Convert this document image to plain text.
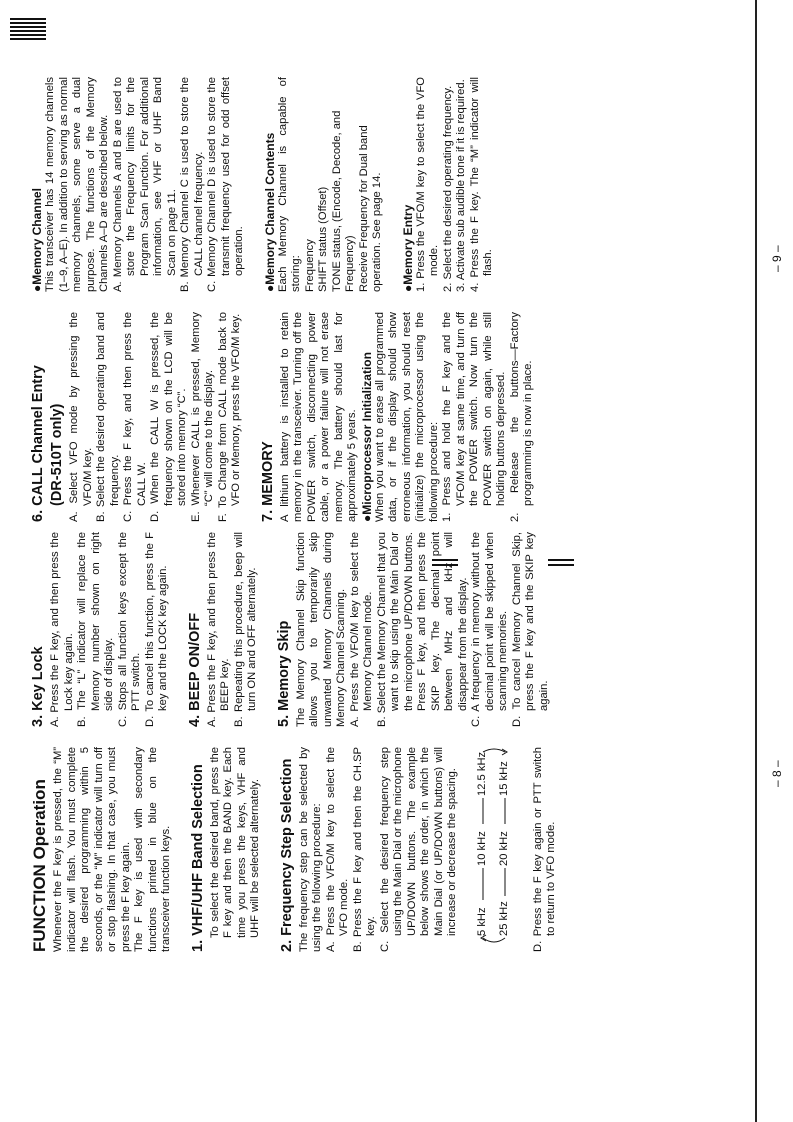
– 8 –
– 9 –
FUNCTION Operation Whenever the F key is pressed, the “M” indicator will flash. You must complete the desired programming within 5 seconds, or the “M” indicator will turn off or stop flashing. In that case, you must press the F key again. The F key is used with secondary functions printed in blue on the transceiver function keys. 1. VHF/UHF Band Selection To select the desired band, press the F key and then the BAND key. Each time you press the keys, VHF and UHF will be selected alternately. 2. Frequency Step Selection The frequency step can be selected by using the following procedure: A. Press the VFO/M key to select the VFO mode. B. Press the F key and then the CH.SP key. C. Select the desired frequency step using the Main Dial or the microphone UP/DOWN buttons. The example below shows the order, in which the Main Dial (or UP/DOWN buttons) will increase or decrease the spacing. 5 kHz
10 kHz
12.5 kHz
25 kHz
20 kHz
15 kHz D. Press the F key again or PTT switch to return to VFO mode.

3. Key Lock A. Press the F key, and then press the Lock key again. B. The “L” indicator will replace the Memory number shown on right side of display. C. Stops all function keys except the PTT switch. D. To cancel this function, press the F key and the LOCK key again. 4. BEEP ON/OFF A. Press the F key, and then press the BEEP key. B. Repeating this procedure, beep will turn ON and OFF alternately. 5. Memory Skip The Memory Channel Skip function allows you to temporarily skip unwanted Memory Channels during Memory Channel Scanning. A. Press the VFO/M key to select the Memory Channel mode. B. Select the Memory Channel that you want to skip using the Main Dial or the microphone UP/DOWN buttons. Press F key, and then press the SKIP key. The decimal point between MHz and kHz will disappear from the display. C. A frequency in memory without the decimal point will be skipped when scanning memories. D. To cancel Memory Channel Skip, press the F key and the SKIP key again.

6. CALL Channel Entry (DR-510T only) A. Select VFO mode by pressing the VFO/M key. B. Select the desired operating band and frequency. C. Press the F key, and then press the CALL W. D. When the CALL W is pressed, the frequency shown on the LCD will be stored into memory “C”. E. Whenever CALL is pressed, Memory “C” will come to the display. F. To Change from CALL mode back to VFO or Memory, press the VFO/M key. 7. MEMORY A lithium battery is installed to retain memory in the transceiver. Turning off the POWER switch, disconnecting power cable, or a power failure will not erase memory. The battery should last for approximately 5 years. ●Microprocessor Initialization When you want to erase all programmed data, or if the display should show erroneous information, you should reset (initialize) the microprocessor using the following procedure: 1. Press and hold the F key and the VFO/M key at same time, and turn off the POWER switch. Now turn the POWER switch on again, while still holding buttons depressed. 2. Release the buttons—Factory programming is now in place.

●Memory Channel This transceiver has 14 memory channels (1–9, A–E). In addition to serving as normal memory channels, some serve a dual purpose. The functions of the Memory Channels A–D are described below. A. Memory Channels A and B are used to store the Frequency limits for the Program Scan Function. For additional information, see VHF or UHF Band Scan on page 11. B. Memory Channel C is used to store the CALL channel frequency. C. Memory Channel D is used to store the transmit frequency used for odd offset operation. ●Memory Channel Contents Each Memory Channel is capable of storing: Frequency SHIFT status (Offset) TONE status, (Encode, Decode, and Frequency) Receive Frequency for Dual band operation. See page 14. ●Memory Entry 1. Press the VFO/M key to select the VFO mode. 2. Select the desired operating frequency. 3. Activate sub audible tone if it is required. 4. Press the F key. The “M” indicator will flash.
